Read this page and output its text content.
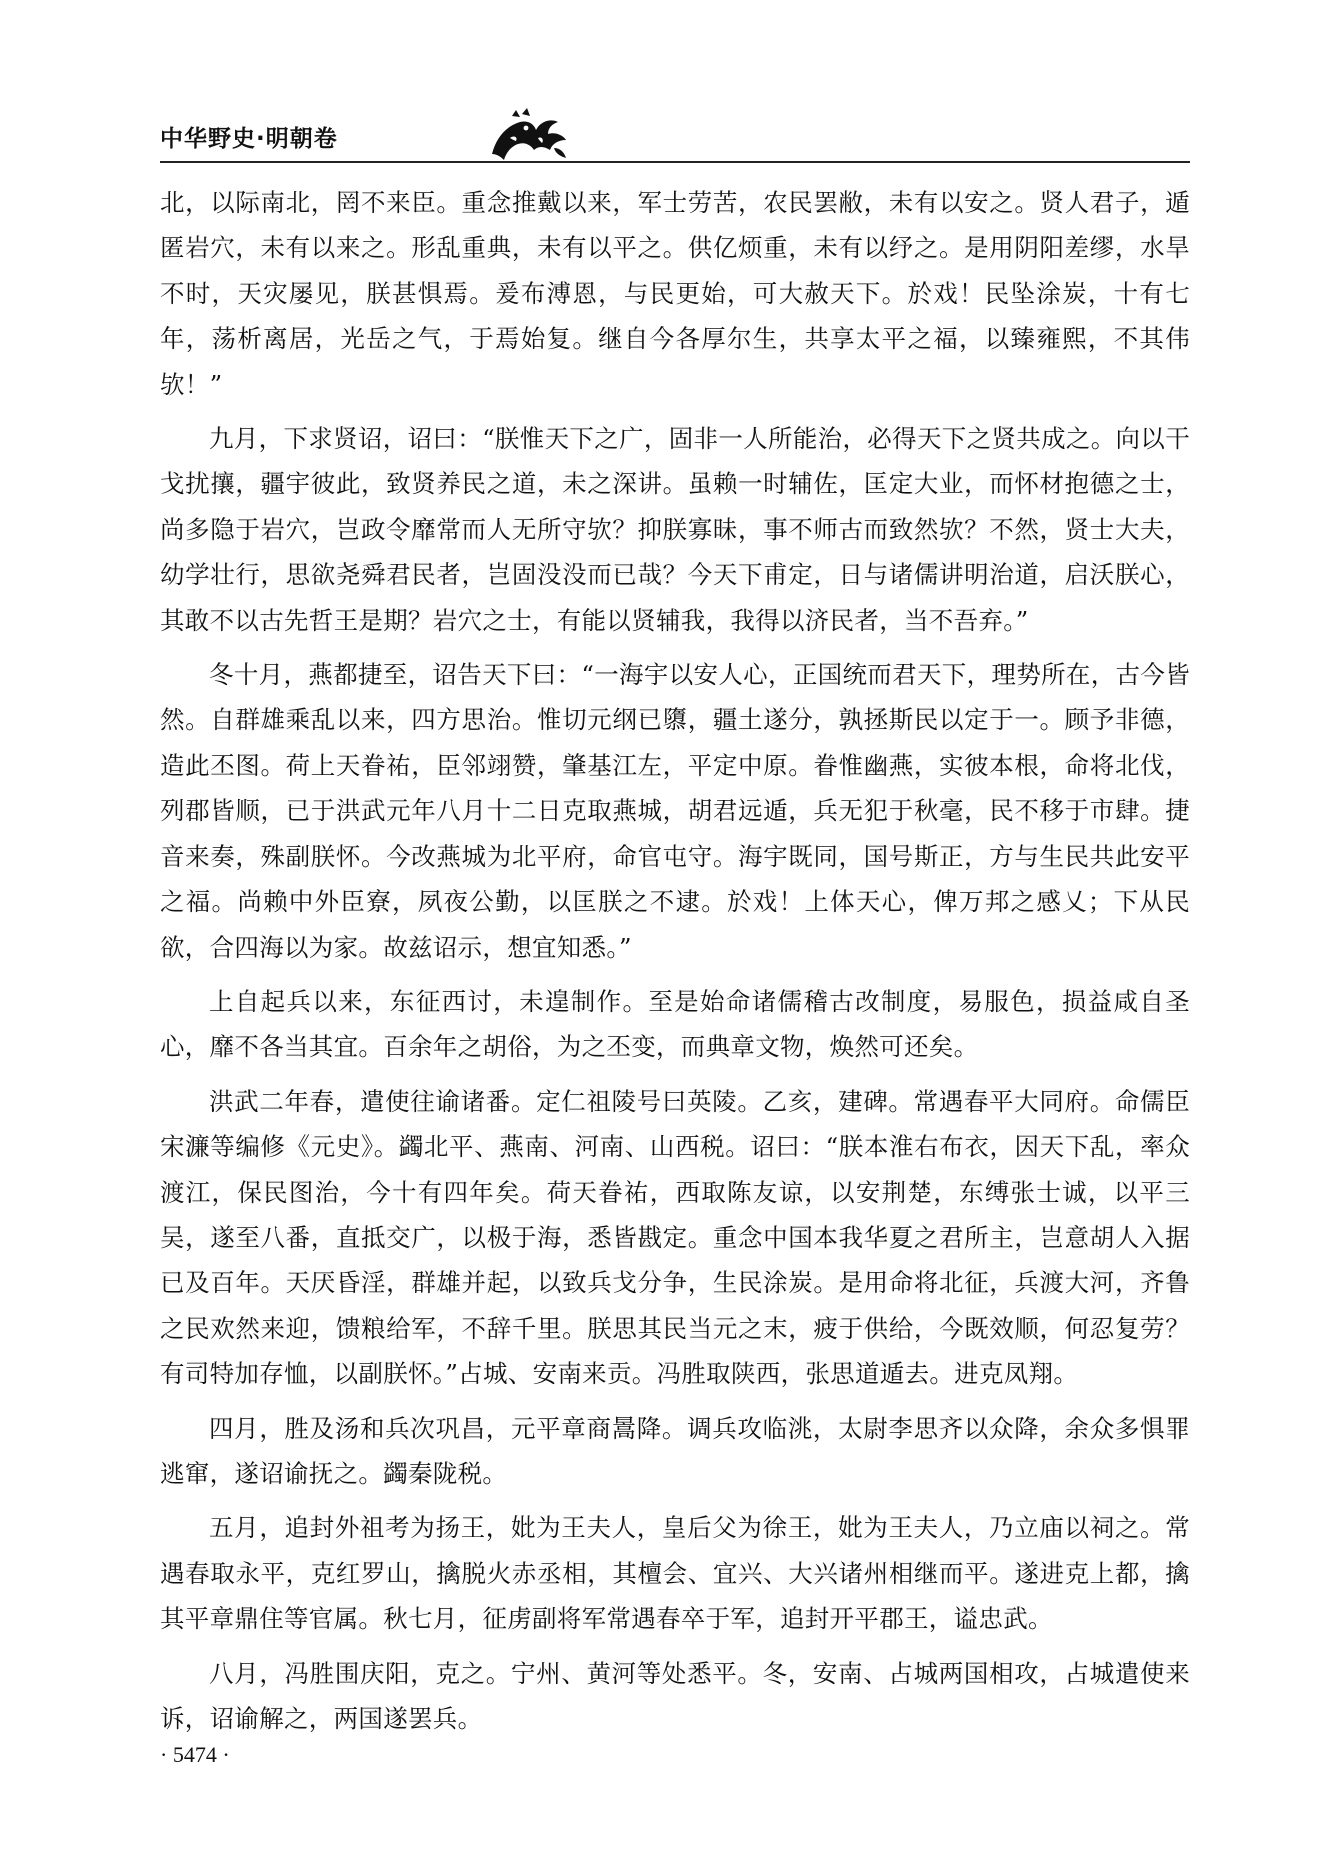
中华野史·明朝卷

北，以际南北，罔不来臣。重念推戴以来，军士劳苦，农民罢敝，未有以安之。贤人君子，遁匿岩穴，未有以来之。形乱重典，未有以平之。供亿烦重，未有以纾之。是用阴阳差缪，水旱不时，天灾屡见，朕甚惧焉。爰布溥恩，与民更始，可大赦天下。於戏！民坠涂炭，十有七年，荡析离居，光岳之气，于焉始复。继自今各厚尔生，共享太平之福，以臻雍熙，不其伟欤！”

九月，下求贤诏，诏曰：“朕惟天下之广，固非一人所能治，必得天下之贤共成之。向以干戈扰攘，疆宇彼此，致贤养民之道，未之深讲。虽赖一时辅佐，匡定大业，而怀材抱德之士，尚多隐于岩穴，岂政令靡常而人无所守欤？抑朕寡昧，事不师古而致然欤？不然，贤士大夫，幼学壮行，思欲尧舜君民者，岂固没没而已哉？今天下甫定，日与诸儒讲明治道，启沃朕心，其敢不以古先哲王是期？岩穴之士，有能以贤辅我，我得以济民者，当不吾弃。”

冬十月，燕都捷至，诏告天下曰：“一海宇以安人心，正国统而君天下，理势所在，古今皆然。自群雄乘乱以来，四方思治。惟切元纲已隳，疆土遂分，孰拯斯民以定于一。顾予非德，造此丕图。荷上天眷祐，臣邻翊赞，肇基江左，平定中原。眷惟幽燕，实彼本根，命将北伐，列郡皆顺，已于洪武元年八月十二日克取燕城，胡君远遁，兵无犯于秋毫，民不移于市肆。捷音来奏，殊副朕怀。今改燕城为北平府，命官屯守。海宇既同，国号斯正，方与生民共此安平之福。尚赖中外臣寮，夙夜公勤，以匡朕之不逮。於戏！上体天心，俾万邦之感乂；下从民欲，合四海以为家。故兹诏示，想宜知悉。”

上自起兵以来，东征西讨，未遑制作。至是始命诸儒稽古改制度，易服色，损益咸自圣心，靡不各当其宜。百余年之胡俗，为之丕变，而典章文物，焕然可还矣。

洪武二年春，遣使往谕诸番。定仁祖陵号曰英陵。乙亥，建碑。常遇春平大同府。命儒臣宋濂等编修《元史》。蠲北平、燕南、河南、山西税。诏曰：“朕本淮右布衣，因天下乱，率众渡江，保民图治，今十有四年矣。荷天眷祐，西取陈友谅，以安荆楚，东缚张士诚，以平三吴，遂至八番，直抵交广，以极于海，悉皆戡定。重念中国本我华夏之君所主，岂意胡人入据已及百年。天厌昏淫，群雄并起，以致兵戈分争，生民涂炭。是用命将北征，兵渡大河，齐鲁之民欢然来迎，馈粮给军，不辞千里。朕思其民当元之末，疲于供给，今既效顺，何忍复劳？有司特加存恤，以副朕怀。”占城、安南来贡。冯胜取陕西，张思道遁去。进克凤翔。

四月，胜及汤和兵次巩昌，元平章商暠降。调兵攻临洮，太尉李思齐以众降，余众多惧罪逃窜，遂诏谕抚之。蠲秦陇税。

五月，追封外祖考为扬王，妣为王夫人，皇后父为徐王，妣为王夫人，乃立庙以祠之。常遇春取永平，克红罗山，擒脱火赤丞相，其檀会、宜兴、大兴诸州相继而平。遂进克上都，擒其平章鼎住等官属。秋七月，征虏副将军常遇春卒于军，追封开平郡王，谥忠武。

八月，冯胜围庆阳，克之。宁州、黄河等处悉平。冬，安南、占城两国相攻，占城遣使来诉，诏谕解之，两国遂罢兵。

· 5474 ·
